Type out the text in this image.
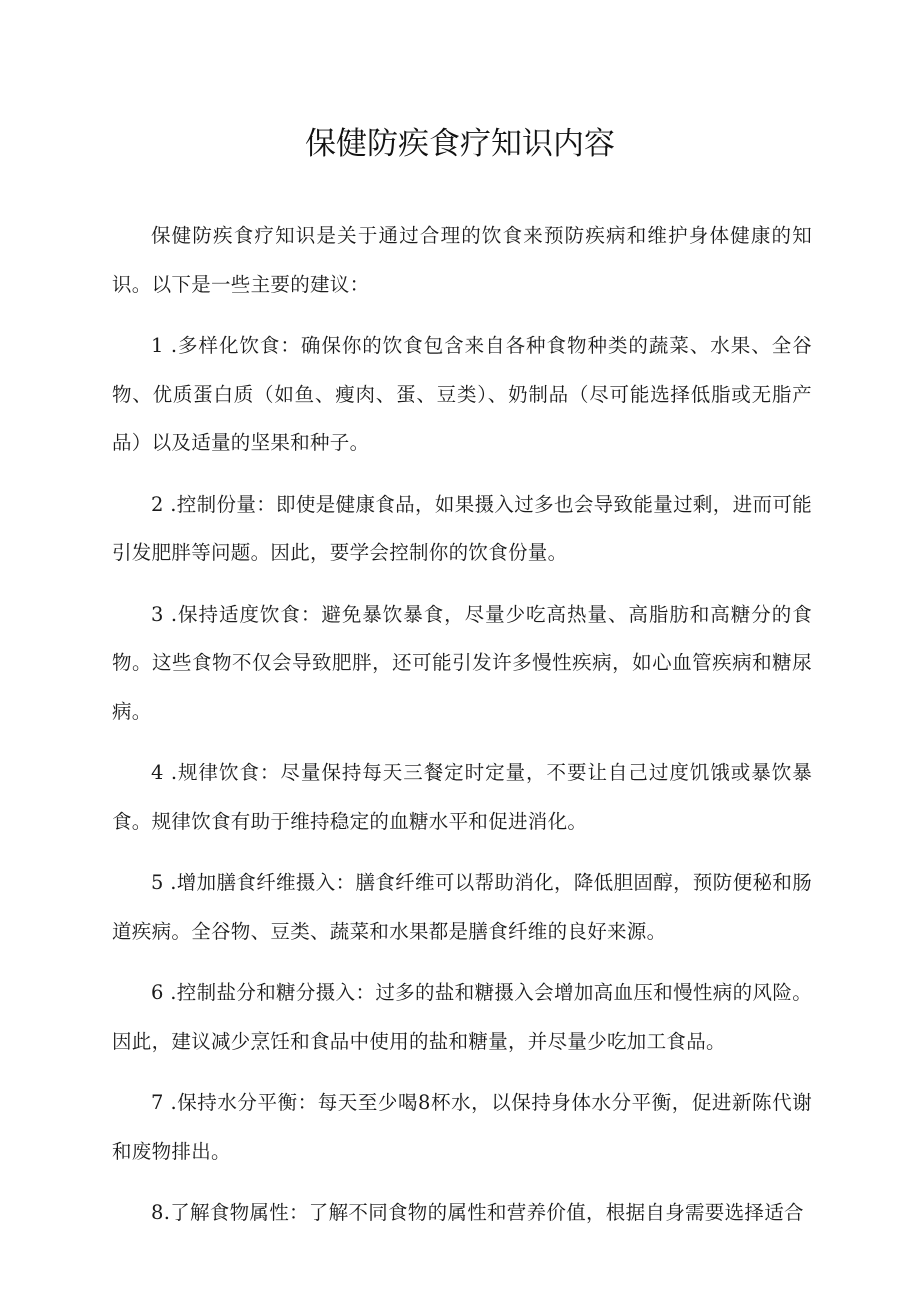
保健防疾食疗知识内容

保健防疾食疗知识是关于通过合理的饮食来预防疾病和维护身体健康的知识。以下是一些主要的建议：

1 .多样化饮食：确保你的饮食包含来自各种食物种类的蔬菜、水果、全谷物、优质蛋白质（如鱼、瘦肉、蛋、豆类）、奶制品（尽可能选择低脂或无脂产品）以及适量的坚果和种子。

2 .控制份量：即使是健康食品，如果摄入过多也会导致能量过剩，进而可能引发肥胖等问题。因此，要学会控制你的饮食份量。

3 .保持适度饮食：避免暴饮暴食，尽量少吃高热量、高脂肪和高糖分的食物。这些食物不仅会导致肥胖，还可能引发许多慢性疾病，如心血管疾病和糖尿病。

4 .规律饮食：尽量保持每天三餐定时定量，不要让自己过度饥饿或暴饮暴食。规律饮食有助于维持稳定的血糖水平和促进消化。

5 .增加膳食纤维摄入：膳食纤维可以帮助消化，降低胆固醇，预防便秘和肠道疾病。全谷物、豆类、蔬菜和水果都是膳食纤维的良好来源。

6 .控制盐分和糖分摄入：过多的盐和糖摄入会增加高血压和慢性病的风险。因此，建议减少烹饪和食品中使用的盐和糖量，并尽量少吃加工食品。

7 .保持水分平衡：每天至少喝8杯水，以保持身体水分平衡，促进新陈代谢和废物排出。

8.了解食物属性：了解不同食物的属性和营养价值，根据自身需要选择适合
